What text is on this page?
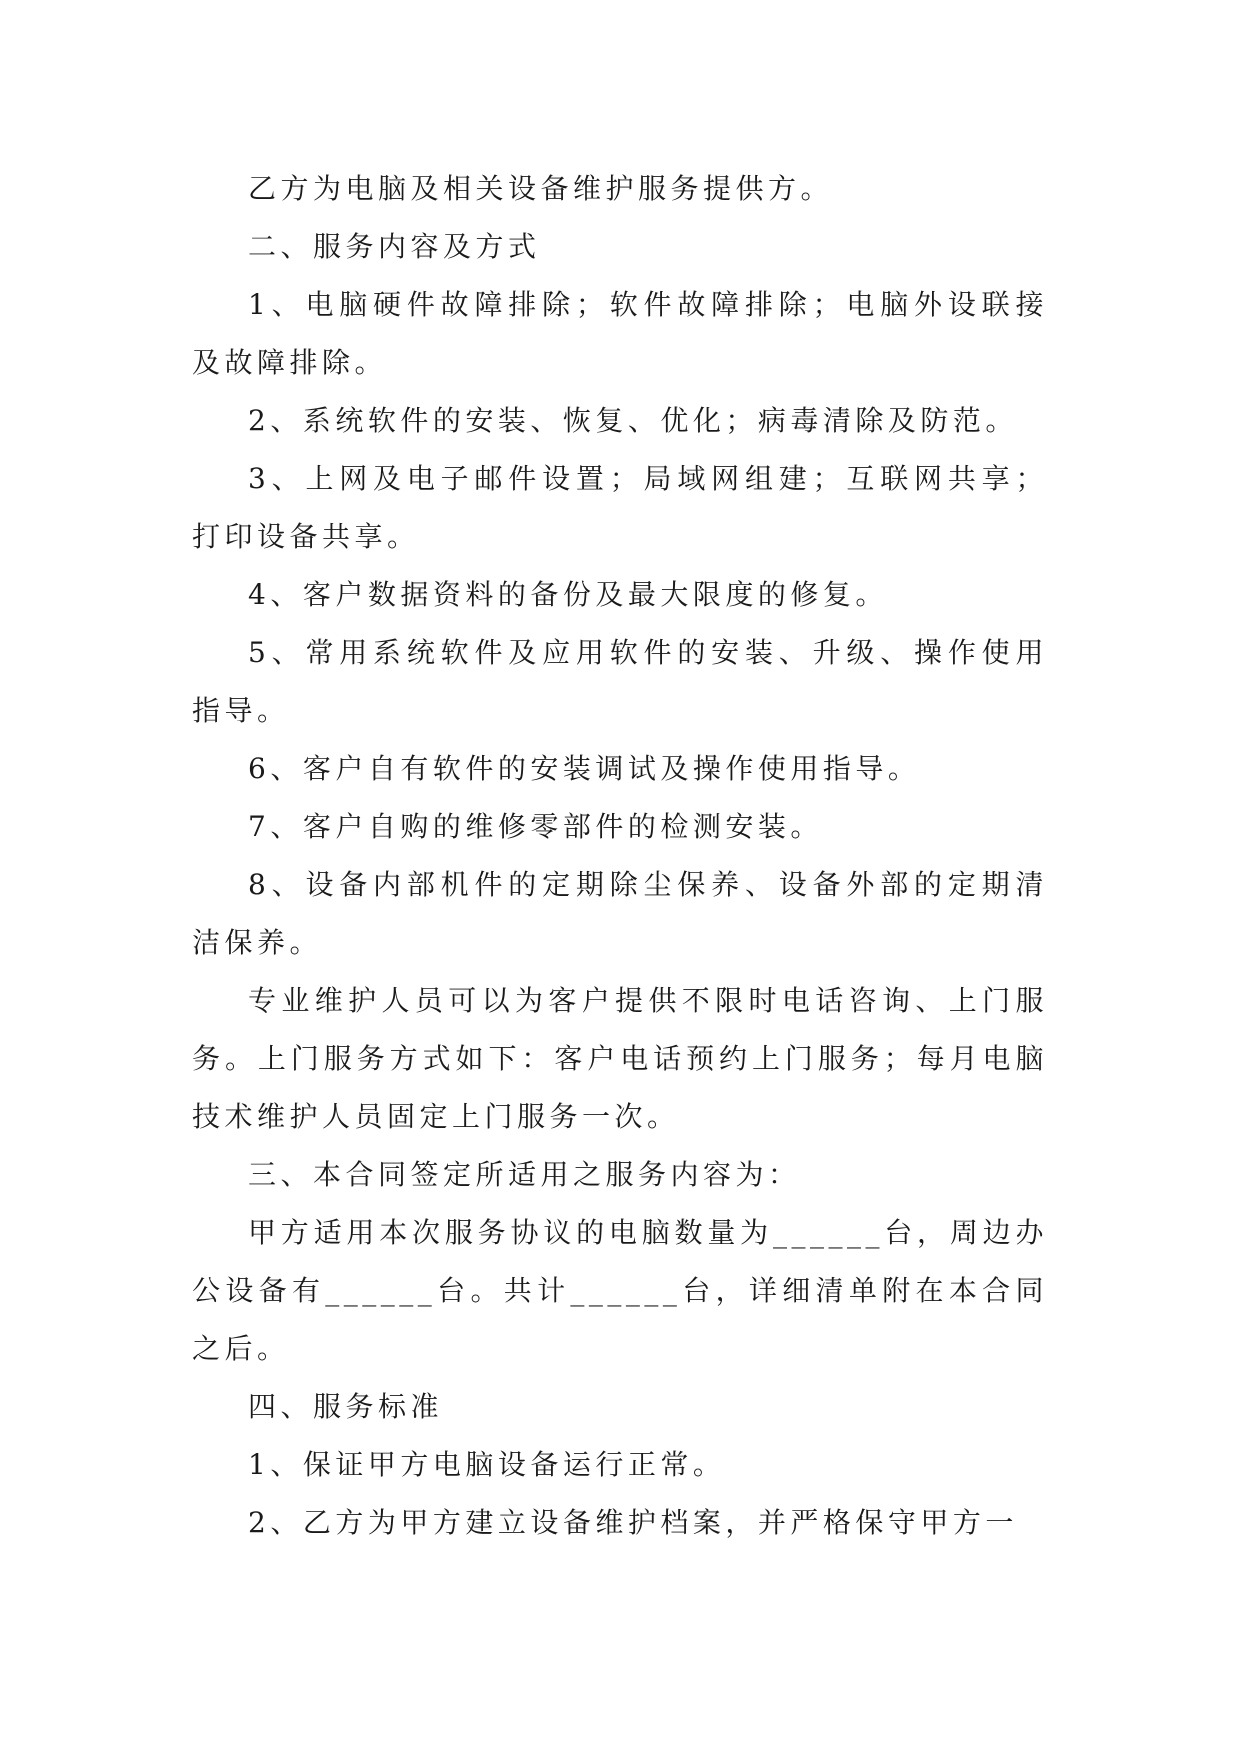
乙方为电脑及相关设备维护服务提供方。

二、服务内容及方式

1、电脑硬件故障排除；软件故障排除；电脑外设联接及故障排除。

2、系统软件的安装、恢复、优化；病毒清除及防范。

3、上网及电子邮件设置；局域网组建；互联网共享；打印设备共享。

4、客户数据资料的备份及最大限度的修复。

5、常用系统软件及应用软件的安装、升级、操作使用指导。

6、客户自有软件的安装调试及操作使用指导。

7、客户自购的维修零部件的检测安装。

8、设备内部机件的定期除尘保养、设备外部的定期清洁保养。

专业维护人员可以为客户提供不限时电话咨询、上门服务。上门服务方式如下：客户电话预约上门服务；每月电脑技术维护人员固定上门服务一次。

三、本合同签定所适用之服务内容为：

甲方适用本次服务协议的电脑数量为______台，周边办公设备有______台。共计______台，详细清单附在本合同之后。

四、服务标准

1、保证甲方电脑设备运行正常。

2、乙方为甲方建立设备维护档案，并严格保守甲方一
